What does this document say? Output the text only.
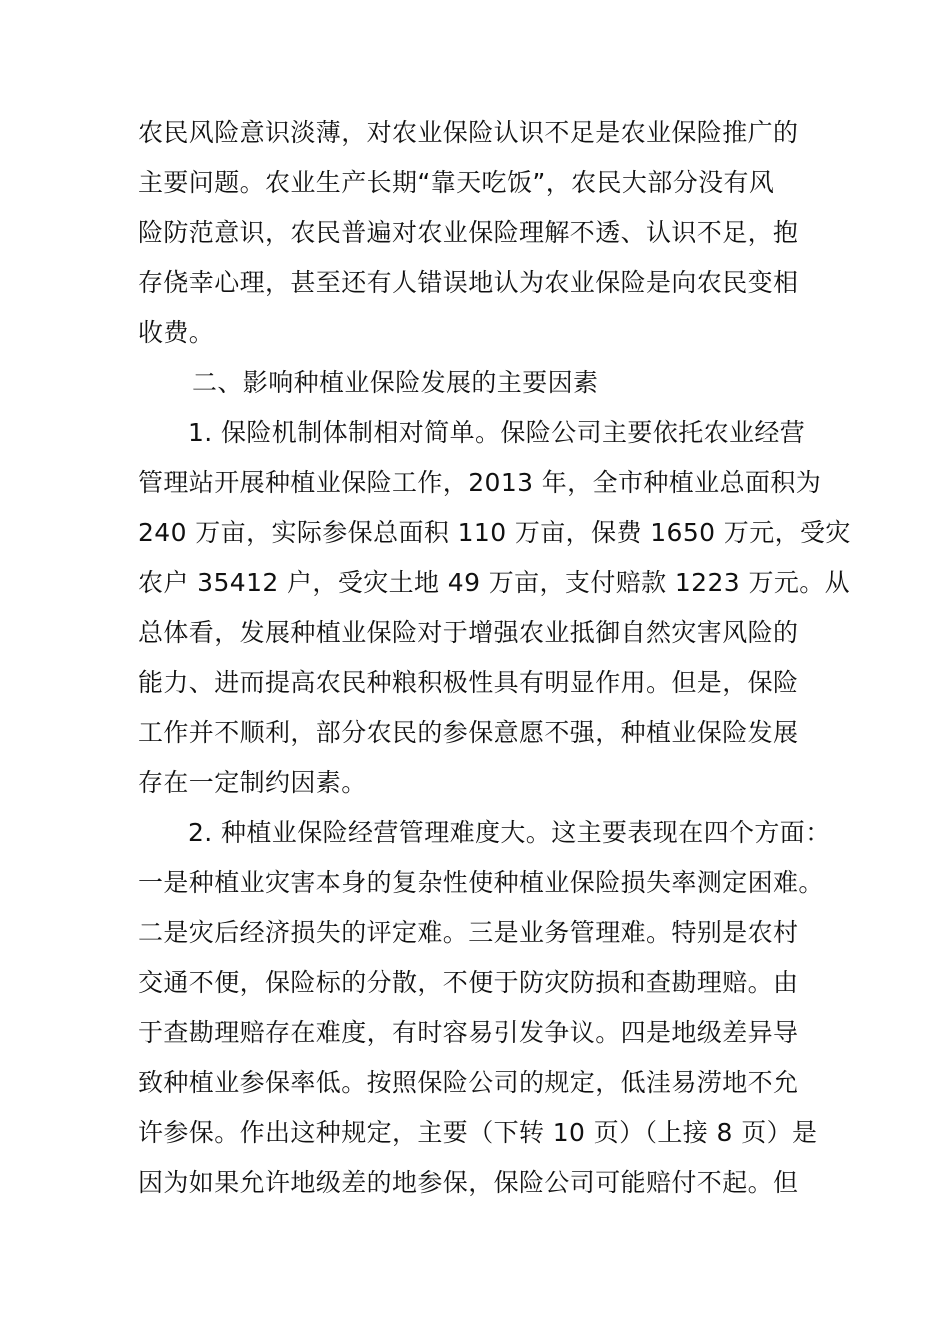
农民风险意识淡薄，对农业保险认识不足是农业保险推广的
主要问题。农业生产长期“靠天吃饭”，农民大部分没有风
险防范意识，农民普遍对农业保险理解不透、认识不足，抱
存侥幸心理，甚至还有人错误地认为农业保险是向农民变相
收费。
二、影响种植业保险发展的主要因素
1. 保险机制体制相对简单。保险公司主要依托农业经营
管理站开展种植业保险工作，2013 年，全市种植业总面积为
240 万亩，实际参保总面积 110 万亩，保费 1650 万元，受灾
农户 35412 户，受灾土地 49 万亩，支付赔款 1223 万元。从
总体看，发展种植业保险对于增强农业抵御自然灾害风险的
能力、进而提高农民种粮积极性具有明显作用。但是，保险
工作并不顺利，部分农民的参保意愿不强，种植业保险发展
存在一定制约因素。
2. 种植业保险经营管理难度大。这主要表现在四个方面：
一是种植业灾害本身的复杂性使种植业保险损失率测定困难。
二是灾后经济损失的评定难。三是业务管理难。特别是农村
交通不便，保险标的分散，不便于防灾防损和查勘理赔。由
于查勘理赔存在难度，有时容易引发争议。四是地级差异导
致种植业参保率低。按照保险公司的规定，低洼易涝地不允
许参保。作出这种规定，主要（下转 10 页）（上接 8 页）是
因为如果允许地级差的地参保，保险公司可能赔付不起。但
